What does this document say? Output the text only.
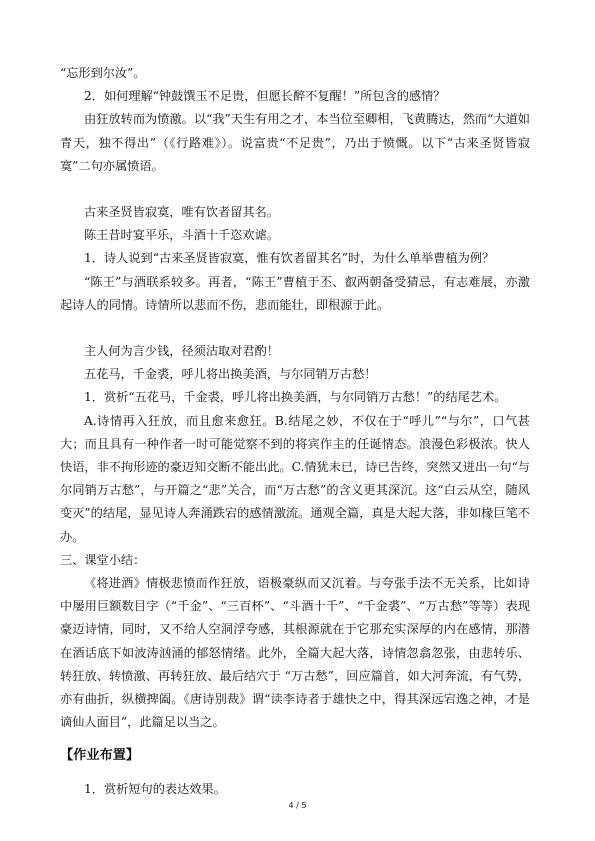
“忘形到尔汝”。

2．如何理解“钟鼓馔玉不足贵，但愿长醉不复醒！”所包含的感情？

由狂放转而为愤激。以“我”天生有用之才，本当位至卿相，飞黄腾达，然而“大道如青天，独不得出”（《行路难》）。说富贵“不足贵”，乃出于愤慨。以下“古来圣贤皆寂寞”二句亦属愤语。

古来圣贤皆寂寞，唯有饮者留其名。

陈王昔时宴平乐，斗酒十千恣欢谑。

1．诗人说到“古来圣贤皆寂寞，惟有饮者留其名”时，为什么单举曹植为例？

“陈王”与酒联系较多。再者，“陈王”曹植于丕、叡两朝备受猜忌，有志难展，亦激起诗人的同情。诗情所以悲而不伤，悲而能壮，即根源于此。

主人何为言少钱，径须沽取对君酌！

五花马，千金裘，呼儿将出换美酒，与尔同销万古愁！

1．赏析“五花马，千金裘，呼儿将出换美酒，与尔同销万古愁！”的结尾艺术。

A.诗情再入狂放，而且愈来愈狂。B.结尾之妙，不仅在于“呼儿”“与尔”，口气甚大；而且具有一种作者一时可能觉察不到的将宾作主的任诞情态。浪漫色彩极浓。快人快语，非不拘形迹的豪迈知交断不能出此。C.情犹未已，诗已告终，突然又迸出一句“与尔同销万古愁”，与开篇之“悲”关合，而“万古愁”的含义更其深沉。这“白云从空，随风变灭”的结尾，显见诗人奔涌跌宕的感情激流。通观全篇，真是大起大落，非如椽巨笔不办。

三、课堂小结：

《将进酒》情极悲愤而作狂放，语极豪纵而又沉着。与夸张手法不无关系，比如诗中屡用巨额数目字（“千金”、“三百杯”、“斗酒十千”、“千金裘”、“万古愁”等等）表现豪迈诗情，同时，又不给人空洞浮夸感，其根源就在于它那充实深厚的内在感情，那潜在酒话底下如波涛汹涌的郁怒情绪。此外，全篇大起大落，诗情忽翕忽张，由悲转乐、转狂放、转愤激、再转狂放、最后结穴于 “万古愁”，回应篇首，如大河奔流，有气势，亦有曲折，纵横捭阖。《唐诗别裁》谓“读李诗者于雄快之中，得其深远宕逸之神，才是谪仙人面目”，此篇足以当之。

【作业布置】

1．赏析短句的表达效果。

4 / 5
